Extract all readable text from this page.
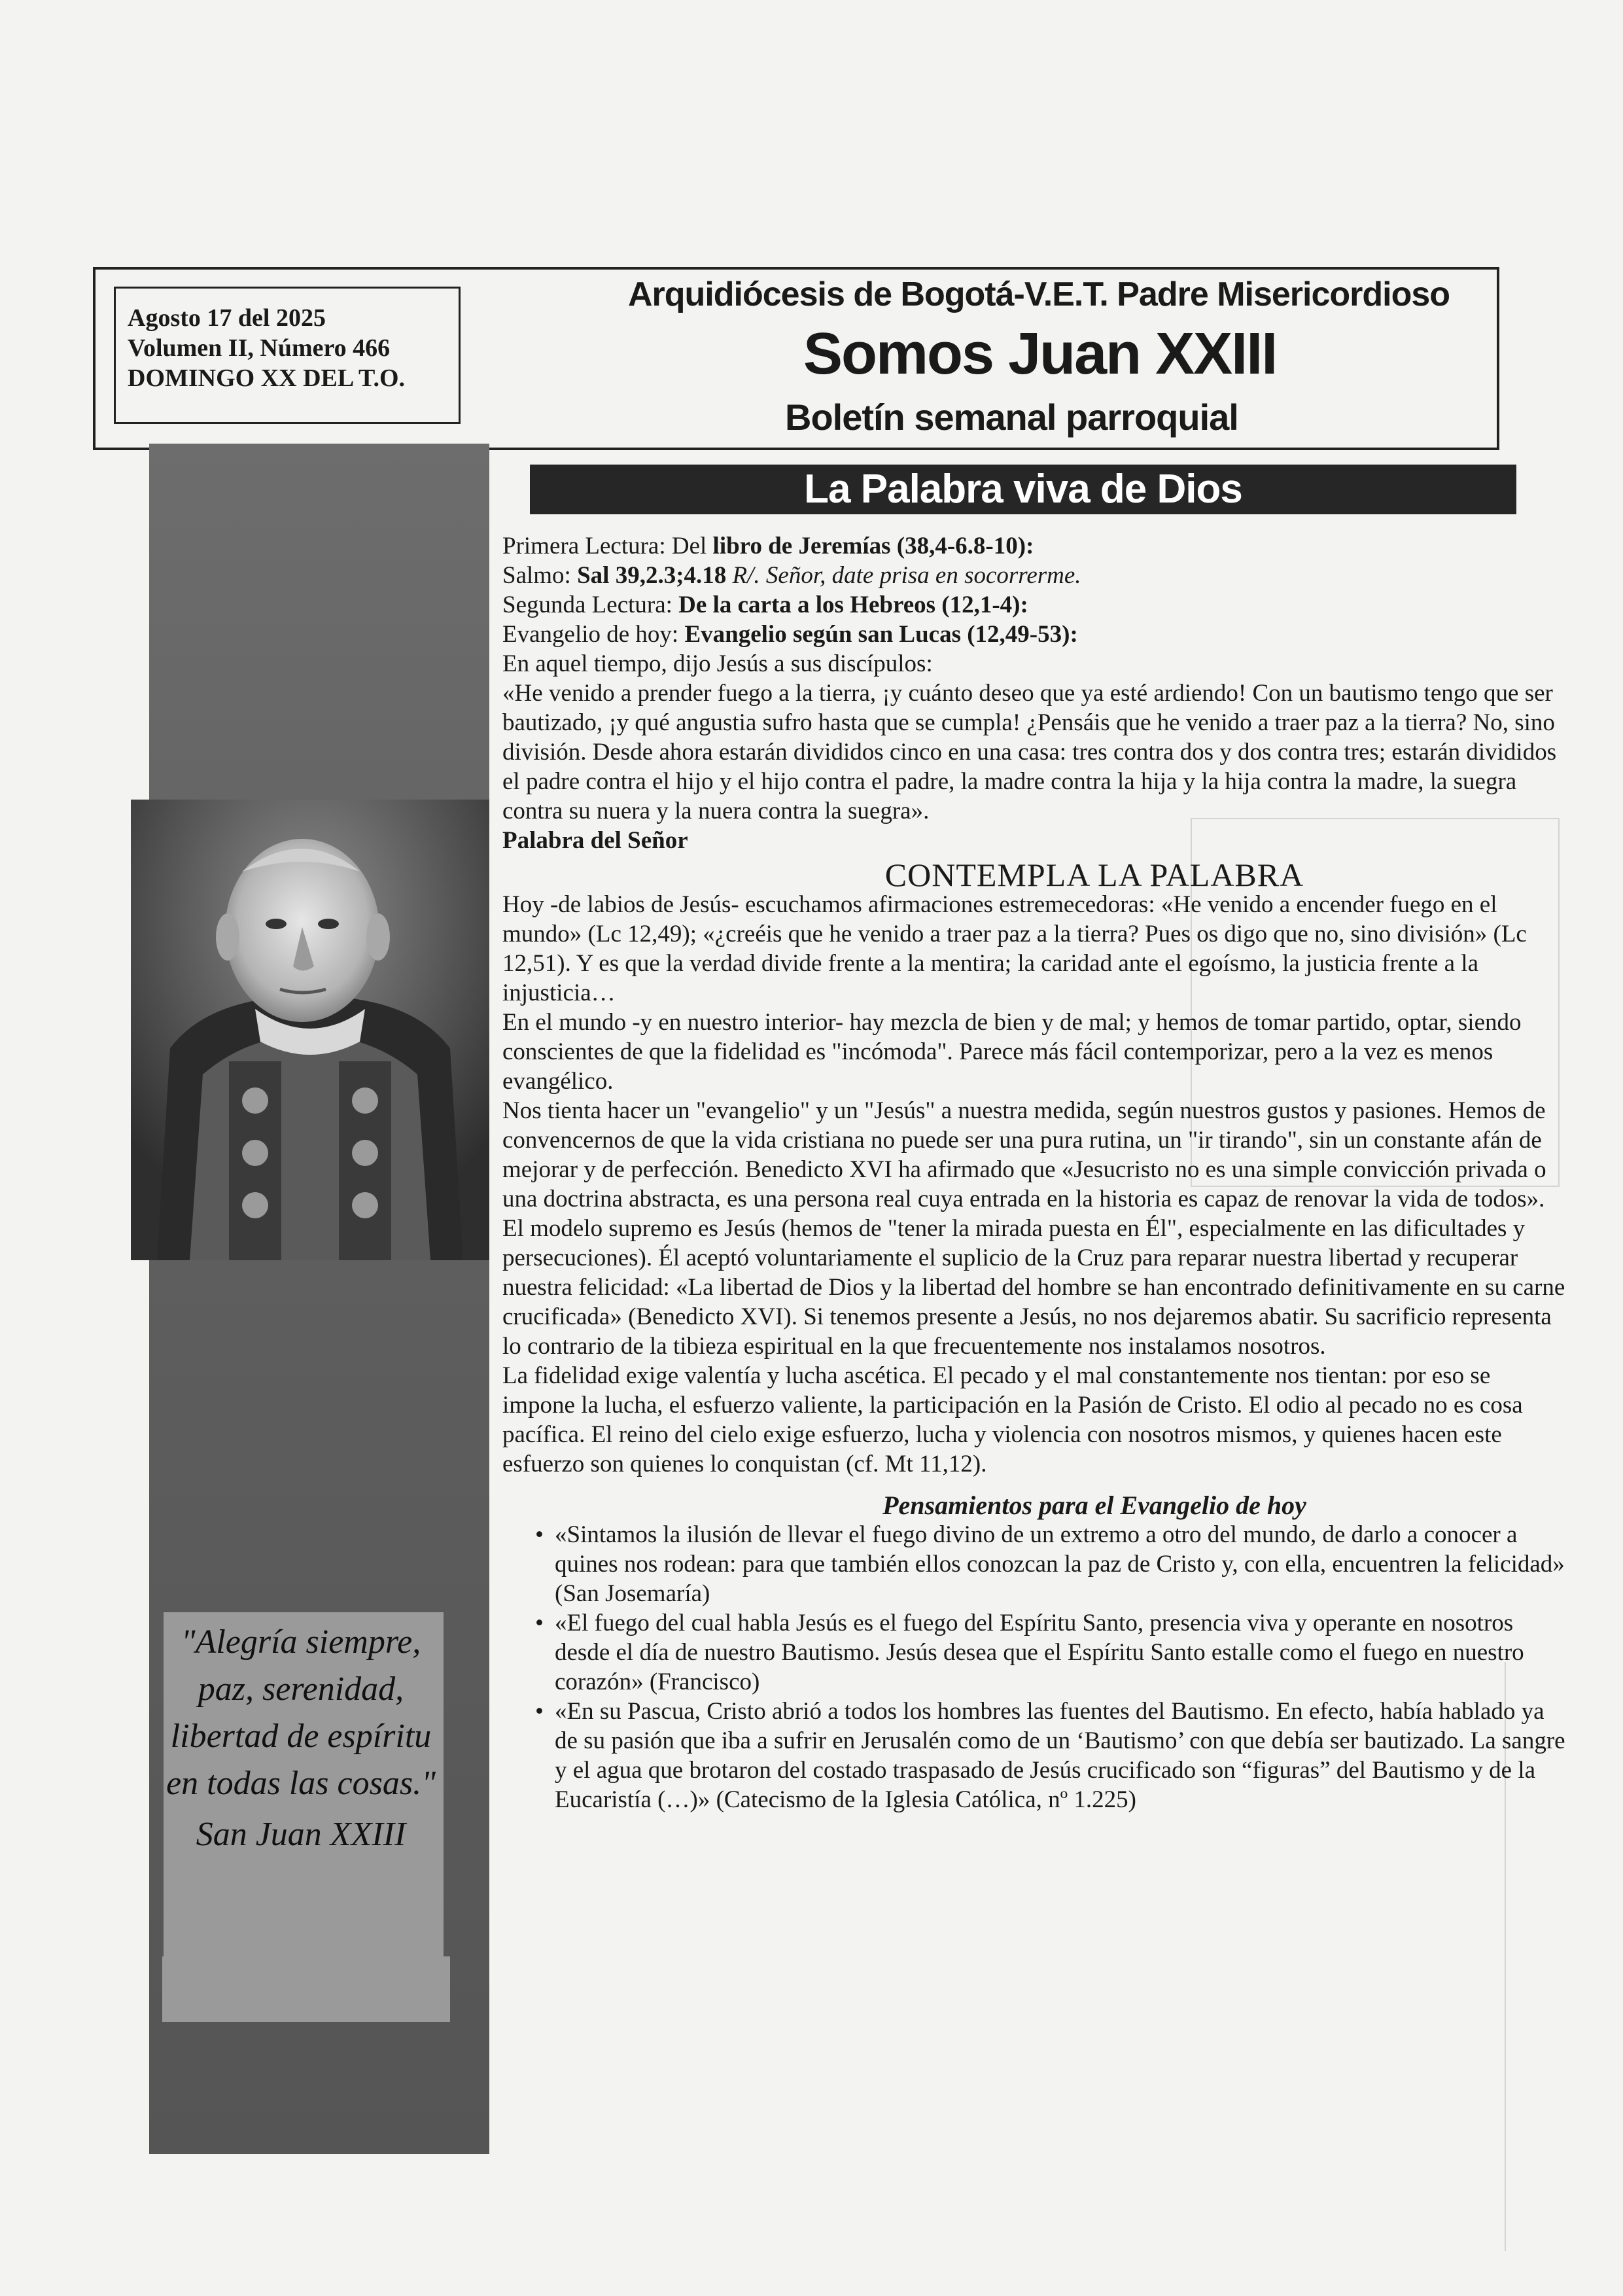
Agosto 17 del 2025
Volumen II, Número 466
DOMINGO XX DEL T.O.
Arquidiócesis de Bogotá-V.E.T. Padre Misericordioso
Somos Juan XXIII
Boletín semanal parroquial
La Palabra viva de Dios
"Alegría siempre, paz, serenidad, libertad de espíritu en todas las cosas."
San Juan XXIII

Primera Lectura: Del libro de Jeremías (38,4-6.8-10):

Salmo: Sal 39,2.3;4.18 R/. Señor, date prisa en socorrerme.

Segunda Lectura: De la carta a los Hebreos (12,1-4):

Evangelio de hoy: Evangelio según san Lucas (12,49-53):

En aquel tiempo, dijo Jesús a sus discípulos:

«He venido a prender fuego a la tierra, ¡y cuánto deseo que ya esté ardiendo! Con un bautismo tengo que ser bautizado, ¡y qué angustia sufro hasta que se cumpla! ¿Pensáis que he venido a traer paz a la tierra? No, sino división. Desde ahora estarán divididos cinco en una casa: tres contra dos y dos contra tres; estarán divididos el padre contra el hijo y el hijo contra el padre, la madre contra la hija y la hija contra la madre, la suegra contra su nuera y la nuera contra la suegra».

Palabra del Señor

CONTEMPLA LA PALABRA

Hoy -de labios de Jesús- escuchamos afirmaciones estremecedoras: «He venido a encender fuego en el mundo» (Lc 12,49); «¿creéis que he venido a traer paz a la tierra? Pues os digo que no, sino división» (Lc 12,51). Y es que la verdad divide frente a la mentira; la caridad ante el egoísmo, la justicia frente a la injusticia…

En el mundo -y en nuestro interior- hay mezcla de bien y de mal; y hemos de tomar partido, optar, siendo conscientes de que la fidelidad es "incómoda". Parece más fácil contemporizar, pero a la vez es menos evangélico.

Nos tienta hacer un "evangelio" y un "Jesús" a nuestra medida, según nuestros gustos y pasiones. Hemos de convencernos de que la vida cristiana no puede ser una pura rutina, un "ir tirando", sin un constante afán de mejorar y de perfección. Benedicto XVI ha afirmado que «Jesucristo no es una simple convicción privada o una doctrina abstracta, es una persona real cuya entrada en la historia es capaz de renovar la vida de todos».

El modelo supremo es Jesús (hemos de "tener la mirada puesta en Él", especialmente en las dificultades y persecuciones). Él aceptó voluntariamente el suplicio de la Cruz para reparar nuestra libertad y recuperar nuestra felicidad: «La libertad de Dios y la libertad del hombre se han encontrado definitivamente en su carne crucificada» (Benedicto XVI). Si tenemos presente a Jesús, no nos dejaremos abatir. Su sacrificio representa lo contrario de la tibieza espiritual en la que frecuentemente nos instalamos nosotros.

La fidelidad exige valentía y lucha ascética. El pecado y el mal constantemente nos tientan: por eso se impone la lucha, el esfuerzo valiente, la participación en la Pasión de Cristo. El odio al pecado no es cosa pacífica. El reino del cielo exige esfuerzo, lucha y violencia con nosotros mismos, y quienes hacen este esfuerzo son quienes lo conquistan (cf. Mt 11,12).

Pensamientos para el Evangelio de hoy
• «Sintamos la ilusión de llevar el fuego divino de un extremo a otro del mundo, de darlo a conocer a quines nos rodean: para que también ellos conozcan la paz de Cristo y, con ella, encuentren la felicidad» (San Josemaría)
• «El fuego del cual habla Jesús es el fuego del Espíritu Santo, presencia viva y operante en nosotros desde el día de nuestro Bautismo. Jesús desea que el Espíritu Santo estalle como el fuego en nuestro corazón» (Francisco)
• «En su Pascua, Cristo abrió a todos los hombres las fuentes del Bautismo. En efecto, había hablado ya de su pasión que iba a sufrir en Jerusalén como de un ‘Bautismo’ con que debía ser bautizado. La sangre y el agua que brotaron del costado traspasado de Jesús crucificado son “figuras” del Bautismo y de la Eucaristía (…)» (Catecismo de la Iglesia Católica, nº 1.225)
